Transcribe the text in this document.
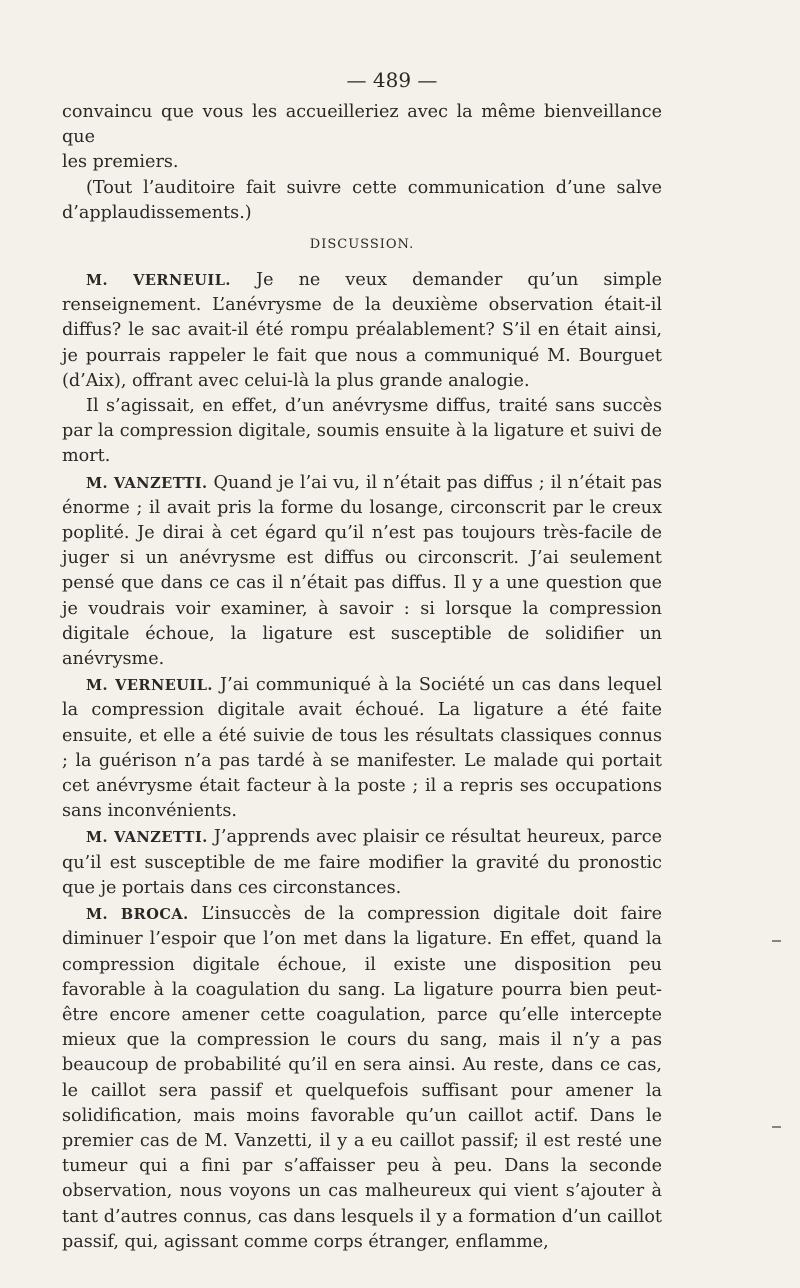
— 489 —

convaincu que vous les accueilleriez avec la même bienveillance que
les premiers.

(Tout l’auditoire fait suivre cette communication d’une salve d’applaudissements.)

DISCUSSION.

M. VERNEUIL. Je ne veux demander qu’un simple renseignement. L’anévrysme de la deuxième observation était-il diffus? le sac avait-il été rompu préalablement? S’il en était ainsi, je pourrais rappeler le fait que nous a communiqué M. Bourguet (d’Aix), offrant avec celui-là la plus grande analogie.

Il s’agissait, en effet, d’un anévrysme diffus, traité sans succès par la compression digitale, soumis ensuite à la ligature et suivi de mort.

M. VANZETTI. Quand je l’ai vu, il n’était pas diffus ; il n’était pas énorme ; il avait pris la forme du losange, circonscrit par le creux poplité. Je dirai à cet égard qu’il n’est pas toujours très-facile de juger si un anévrysme est diffus ou circonscrit. J’ai seulement pensé que dans ce cas il n’était pas diffus. Il y a une question que je voudrais voir examiner, à savoir : si lorsque la compression digitale échoue, la ligature est susceptible de solidifier un anévrysme.

M. VERNEUIL. J’ai communiqué à la Société un cas dans lequel la compression digitale avait échoué. La ligature a été faite ensuite, et elle a été suivie de tous les résultats classiques connus ; la guérison n’a pas tardé à se manifester. Le malade qui portait cet anévrysme était facteur à la poste ; il a repris ses occupations sans inconvénients.

M. VANZETTI. J’apprends avec plaisir ce résultat heureux, parce qu’il est susceptible de me faire modifier la gravité du pronostic que je portais dans ces circonstances.

M. BROCA. L’insuccès de la compression digitale doit faire diminuer l’espoir que l’on met dans la ligature. En effet, quand la compression digitale échoue, il existe une disposition peu favorable à la coagulation du sang. La ligature pourra bien peut-être encore amener cette coagulation, parce qu’elle intercepte mieux que la compression le cours du sang, mais il n’y a pas beaucoup de probabilité qu’il en sera ainsi. Au reste, dans ce cas, le caillot sera passif et quelquefois suffisant pour amener la solidification, mais moins favorable qu’un caillot actif. Dans le premier cas de M. Vanzetti, il y a eu caillot passif; il est resté une tumeur qui a fini par s’affaisser peu à peu. Dans la seconde observation, nous voyons un cas malheureux qui vient s’ajouter à tant d’autres connus, cas dans lesquels il y a formation d’un caillot passif, qui, agissant comme corps étranger, enflamme,
